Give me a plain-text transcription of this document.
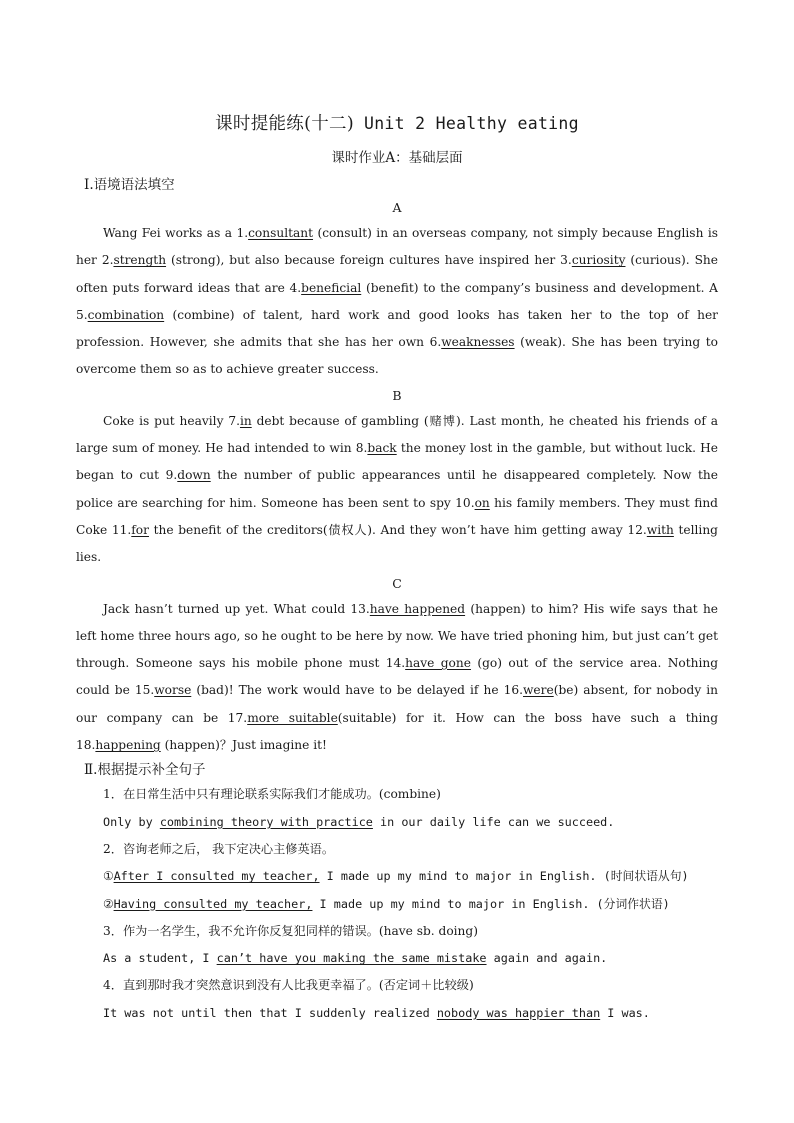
课时提能练(十二) Unit 2 Healthy eating
课时作业A：基础层面
Ⅰ.语境语法填空
A

Wang Fei works as a 1.consultant (consult) in an overseas company, not simply because English is her 2.strength (strong), but also because foreign cultures have inspired her 3.curiosity (curious). She often puts forward ideas that are 4.beneficial (benefit) to the company’s business and development. A 5.combination (combine) of talent, hard work and good looks has taken her to the top of her profession. However, she admits that she has her own 6.weaknesses (weak). She has been trying to overcome them so as to achieve greater success.

B

Coke is put heavily 7.in debt because of gambling (赌博). Last month, he cheated his friends of a large sum of money. He had intended to win 8.back the money lost in the gamble, but without luck. He began to cut 9.down the number of public appearances until he disappeared completely. Now the police are searching for him. Someone has been sent to spy 10.on his family members. They must find Coke 11.for the benefit of the creditors(债权人). And they won’t have him getting away 12.with telling lies.

C

Jack hasn’t turned up yet. What could 13.have happened (happen) to him? His wife says that he left home three hours ago, so he ought to be here by now. We have tried phoning him, but just can’t get through. Someone says his mobile phone must 14.have gone (go) out of the service area. Nothing could be 15.worse (bad)! The work would have to be delayed if he 16.were(be) absent, for nobody in our company can be 17.more suitable(suitable) for it. How can the boss have such a thing 18.happening (happen)？Just imagine it!

Ⅱ.根据提示补全句子
1．在日常生活中只有理论联系实际我们才能成功。(combine)
Only by combining theory with practice in our daily life can we succeed.
2．咨询老师之后， 我下定决心主修英语。
①After I consulted my teacher, I made up my mind to major in English. (时间状语从句)
②Having consulted my teacher, I made up my mind to major in English. (分词作状语)
3．作为一名学生，我不允许你反复犯同样的错误。(have sb. doing)
As a student, I can’t have you making the same mistake again and again.
4．直到那时我才突然意识到没有人比我更幸福了。(否定词＋比较级)
It was not until then that I suddenly realized nobody was happier than I was.
